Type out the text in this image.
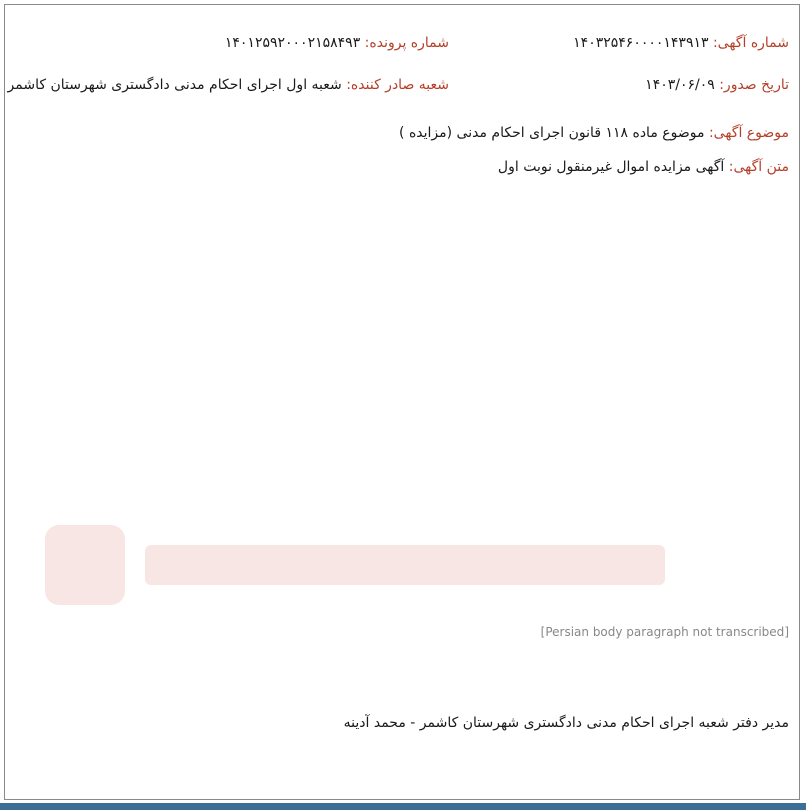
شماره آگهی: ۱۴۰۳۲۵۴۶۰۰۰۰۱۴۳۹۱۳
شماره پرونده: ۱۴۰۱۲۵۹۲۰۰۰۲۱۵۸۴۹۳
تاریخ صدور: ۱۴۰۳/۰۶/۰۹
شعبه صادر کننده: شعبه اول اجرای احکام مدنی دادگستری شهرستان کاشمر
موضوع آگهی: موضوع ماده ۱۱۸ قانون اجرای احکام مدنی (مزایده )
متن آگهی: آگهی مزایده اموال غیرمنقول نوبت اول
[Persian body paragraph not transcribed]
مدیر دفتر شعبه اجرای احکام مدنی دادگستری شهرستان کاشمر - محمد آدینه
